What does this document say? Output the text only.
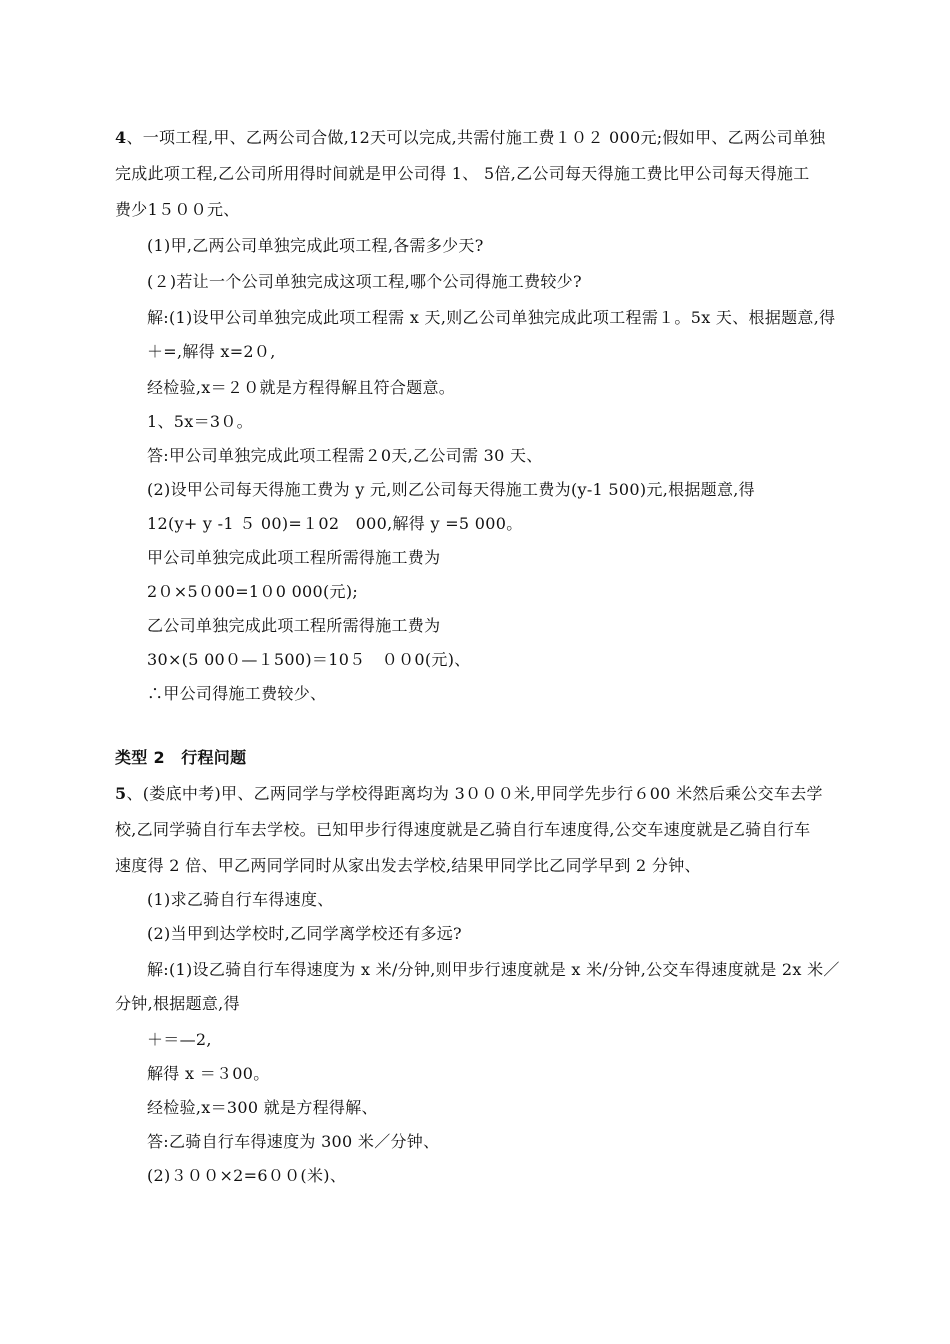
4、一项工程,甲、乙两公司合做,12天可以完成,共需付施工费１０２ 000元;假如甲、乙两公司单独
完成此项工程,乙公司所用得时间就是甲公司得 1、 5倍,乙公司每天得施工费比甲公司每天得施工
费少1５００元、
(1)甲,乙两公司单独完成此项工程,各需多少天?
(２)若让一个公司单独完成这项工程,哪个公司得施工费较少?
解:(1)设甲公司单独完成此项工程需 x 天,则乙公司单独完成此项工程需１。5x 天、根据题意,得
＋=,解得 x=2０,
经检验,x＝２０就是方程得解且符合题意。
1、5x＝3０。
答:甲公司单独完成此项工程需２0天,乙公司需 30 天、
(2)设甲公司每天得施工费为 y 元,则乙公司每天得施工费为(y-1 500)元,根据题意,得
12(y+ y -1 ５ 00)=１02　000,解得 y =5 000。
甲公司单独完成此项工程所需得施工费为
2０×5０00=1０0 000(元);
乙公司单独完成此项工程所需得施工费为
30×(5 00０—１500)＝10５　００0(元)、
∴甲公司得施工费较少、
类型 2　行程问题
5、(娄底中考)甲、乙两同学与学校得距离均为 3０００米,甲同学先步行６00 米然后乘公交车去学
校,乙同学骑自行车去学校。已知甲步行得速度就是乙骑自行车速度得,公交车速度就是乙骑自行车
速度得 2 倍、甲乙两同学同时从家出发去学校,结果甲同学比乙同学早到 2 分钟、
(1)求乙骑自行车得速度、
(2)当甲到达学校时,乙同学离学校还有多远?
解:(1)设乙骑自行车得速度为 x 米/分钟,则甲步行速度就是 x 米/分钟,公交车得速度就是 2x 米／
分钟,根据题意,得
＋＝—2,
解得 x ＝３00。
经检验,x＝300 就是方程得解、
答:乙骑自行车得速度为 300 米／分钟、
(2)３００×2=6００(米)、
